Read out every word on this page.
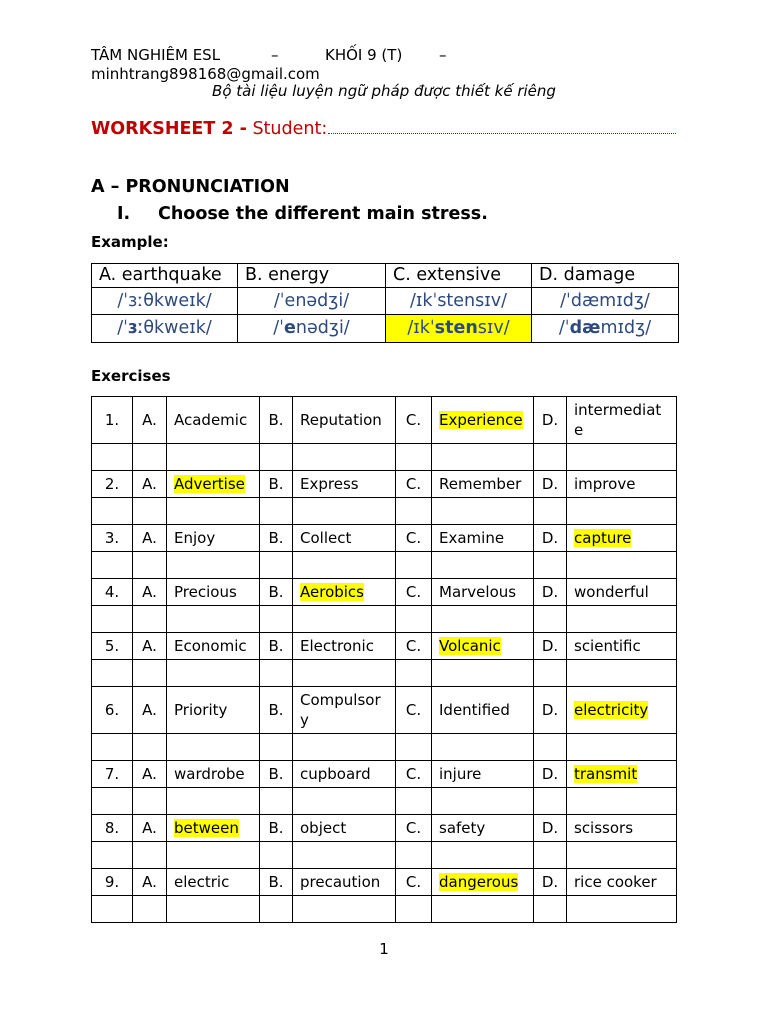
TÂM NGHIÊM ESL	–	KHỐI 9 (T) –
minhtrang898168@gmail.com
Bộ tài liệu luyện ngữ pháp được thiết kế riêng
WORKSHEET 2 - Student:
A – PRONUNCIATION
I. Choose the different main stress.
Example:
A. earthquake	B. energy	C. extensive	D. damage
/ˈɜːθkweɪk/	/ˈenədʒi/	/ɪkˈstensɪv/	/ˈdæmɪdʒ/
/ˈɜːθkweɪk/	/ˈenədʒi/	/ɪkˈstensɪv/	/ˈdæmɪdʒ/
Exercises
1.	A.	Academic	B.	Reputation	C.	Experience	D.	intermediate

2.	A.	Advertise	B.	Express	C.	Remember	D.	improve

3.	A.	Enjoy	B.	Collect	C.	Examine	D.	capture

4.	A.	Precious	B.	Aerobics	C.	Marvelous	D.	wonderful

5.	A.	Economic	B.	Electronic	C.	Volcanic	D.	scientific

6.	A.	Priority	B.	Compulsory	C.	Identified	D.	electricity

7.	A.	wardrobe	B.	cupboard	C.	injure	D.	transmit

8.	A.	between	B.	object	C.	safety	D.	scissors

9.	A.	electric	B.	precaution	C.	dangerous	D.	rice cooker

1
